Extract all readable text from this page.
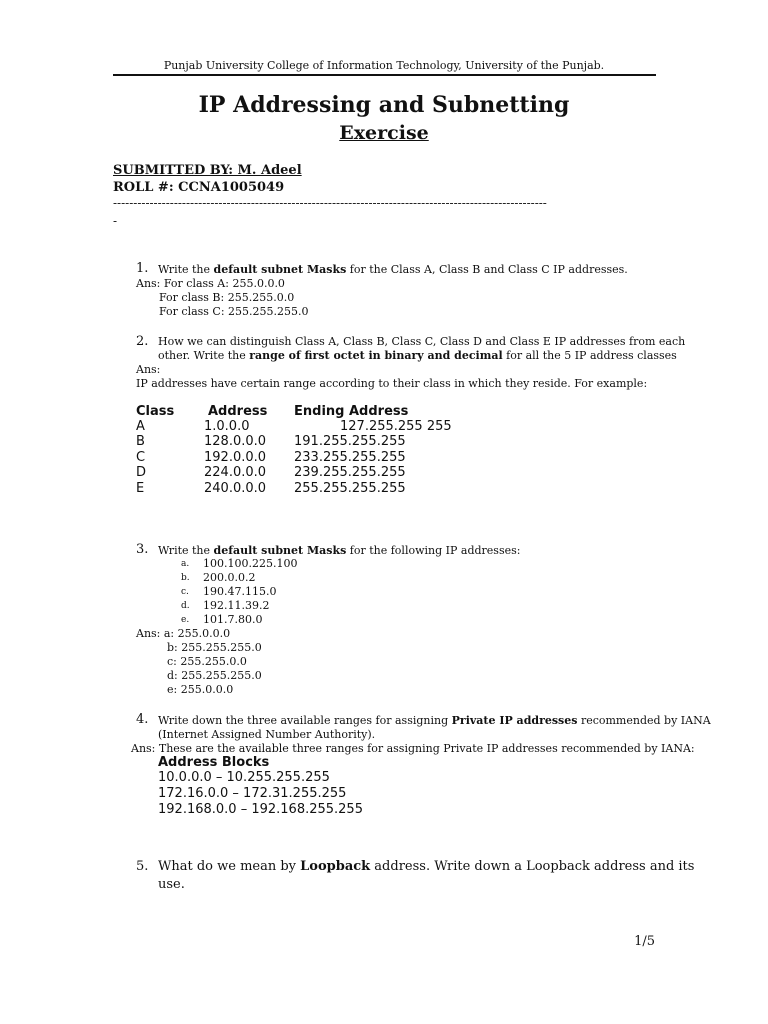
Punjab University College of Information Technology, University of the Punjab.
IP Addressing and Subnetting
Exercise
SUBMITTED BY: M. Adeel
ROLL #: CCNA1005049
-----------------------------------------------------------------------------------------------------------
-
1. Write the default subnet Masks for the Class A, Class B and Class C IP addresses.
Ans: For class A: 255.0.0.0
For class B: 255.255.0.0
For class C: 255.255.255.0
2. How we can distinguish Class A, Class B, Class C, Class D and Class E IP addresses from each
other. Write the range of first octet in binary and decimal for all the 5 IP address classes
Ans:
IP addresses have certain range according to their class in which they reside. For example:
Class	Address Ending Address
A	1.0.0.0	127.255.255 255
B	128.0.0.0 191.255.255.255
C	192.0.0.0 233.255.255.255
D	224.0.0.0 239.255.255.255
E	240.0.0.0 255.255.255.255
3. Write the default subnet Masks for the following IP addresses:
a. 100.100.225.100
b. 200.0.0.2
c. 190.47.115.0
d. 192.11.39.2
e. 101.7.80.0
Ans: a: 255.0.0.0
b: 255.255.255.0
c: 255.255.0.0
d: 255.255.255.0
e: 255.0.0.0
4. Write down the three available ranges for assigning Private IP addresses recommended by IANA
(Internet Assigned Number Authority).
Ans: These are the available three ranges for assigning Private IP addresses recommended by IANA:
Address Blocks
10.0.0.0 – 10.255.255.255
172.16.0.0 – 172.31.255.255
192.168.0.0 – 192.168.255.255
5. What do we mean by Loopback address. Write down a Loopback address and its
use.
1/5
